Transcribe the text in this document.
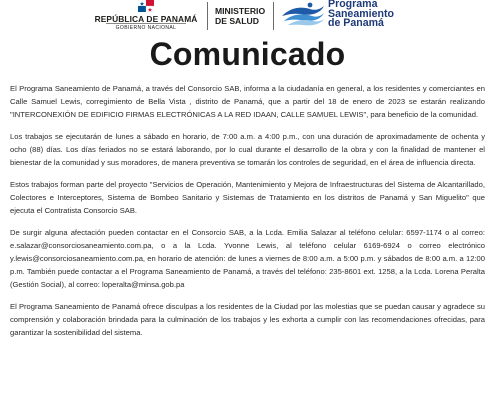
REPÚBLICA DE PANAMÁ
GOBIERNO NACIONAL
MINISTERIO
DE SALUD
Programa
Saneamiento
de Panamá
Comunicado

El Programa Saneamiento de Panamá, a través del Consorcio SAB, informa a la ciudadanía en general, a los residentes y comerciantes en Calle Samuel Lewis, corregimiento de Bella Vista , distrito de Panamá, que a partir del 18 de enero de 2023 se estarán realizando "INTERCONEXIÓN DE EDIFICIO FIRMAS ELECTRÓNICAS A LA RED IDAAN, CALLE SAMUEL LEWIS", para beneficio de la comunidad.

Los trabajos se ejecutarán de lunes a sábado en horario, de 7:00 a.m. a 4:00 p.m., con una duración de aproximadamente de ochenta y ocho (88) días. Los días feriados no se estará laborando, por lo cual durante el desarrollo de la obra y con la finalidad de mantener el bienestar de la comunidad y sus moradores, de manera preventiva se tomarán los controles de seguridad, en el área de influencia directa.

Estos trabajos forman parte del proyecto "Servicios de Operación, Mantenimiento y Mejora de Infraestructuras del Sistema de Alcantarillado, Colectores e Interceptores, Sistema de Bombeo Sanitario y Sistemas de Tratamiento en los distritos de Panamá y San Miguelito" que ejecuta el Contratista Consorcio SAB.

De surgir alguna afectación pueden contactar en el Consorcio SAB, a la Lcda. Emilia Salazar al teléfono celular: 6597-1174 o al correo: e.salazar@consorciosaneamiento.com.pa, o a la Lcda. Yvonne Lewis, al teléfono celular 6169-6924 o correo electrónico y.lewis@consorciosaneamiento.com.pa, en horario de atención: de lunes a viernes de 8:00 a.m. a 5:00 p.m. y sábados de 8:00 a.m. a 12:00 p.m. También puede contactar a el Programa Saneamiento de Panamá, a través del teléfono: 235-8601 ext. 1258, a la Lcda. Lorena Peralta (Gestión Social), al correo: loperalta@minsa.gob.pa

El Programa Saneamiento de Panamá ofrece disculpas a los residentes de la Ciudad por las molestias que se puedan causar y agradece su comprensión y colaboración brindada para la culminación de los trabajos y les exhorta a cumplir con las recomendaciones ofrecidas, para garantizar la sostenibilidad del sistema.
